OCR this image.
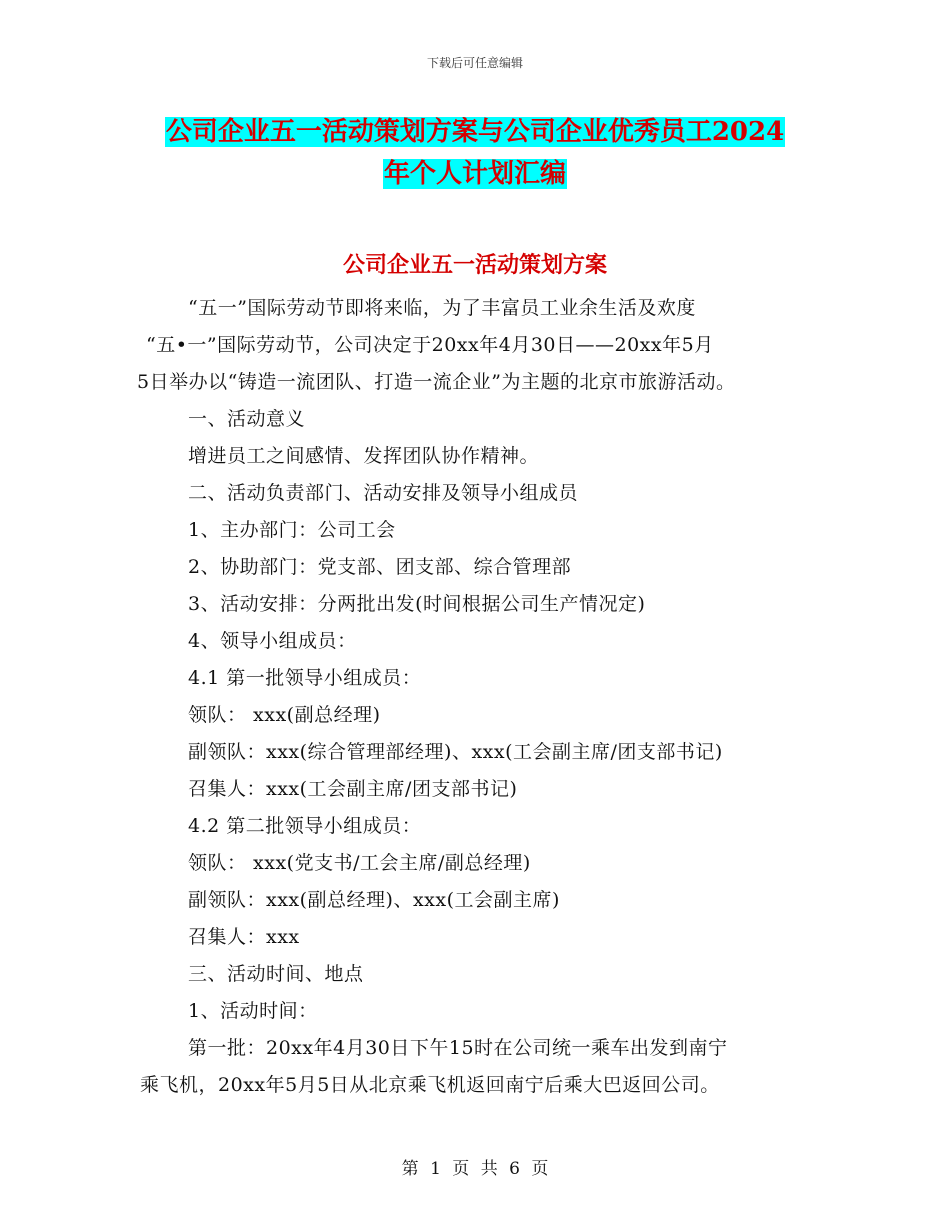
下载后可任意编辑
公司企业五一活动策划方案与公司企业优秀员工2024
年个人计划汇编
公司企业五一活动策划方案
“五一”国际劳动节即将来临，为了丰富员工业余生活及欢度
“五•一”国际劳动节，公司决定于20xx年4月30日——20xx年5月
5日举办以“铸造一流团队、打造一流企业”为主题的北京市旅游活动。
一、活动意义
增进员工之间感情、发挥团队协作精神。
二、活动负责部门、活动安排及领导小组成员
1、主办部门：公司工会
2、协助部门：党支部、团支部、综合管理部
3、活动安排：分两批出发(时间根据公司生产情况定)
4、领导小组成员：
4.1 第一批领导小组成员：
领队： xxx(副总经理)
副领队：xxx(综合管理部经理)、xxx(工会副主席/团支部书记)
召集人：xxx(工会副主席/团支部书记)
4.2 第二批领导小组成员：
领队： xxx(党支书/工会主席/副总经理)
副领队：xxx(副总经理)、xxx(工会副主席)
召集人：xxx
三、活动时间、地点
1、活动时间：
第一批：20xx年4月30日下午15时在公司统一乘车出发到南宁
乘飞机，20xx年5月5日从北京乘飞机返回南宁后乘大巴返回公司。
第 1 页 共 6 页
